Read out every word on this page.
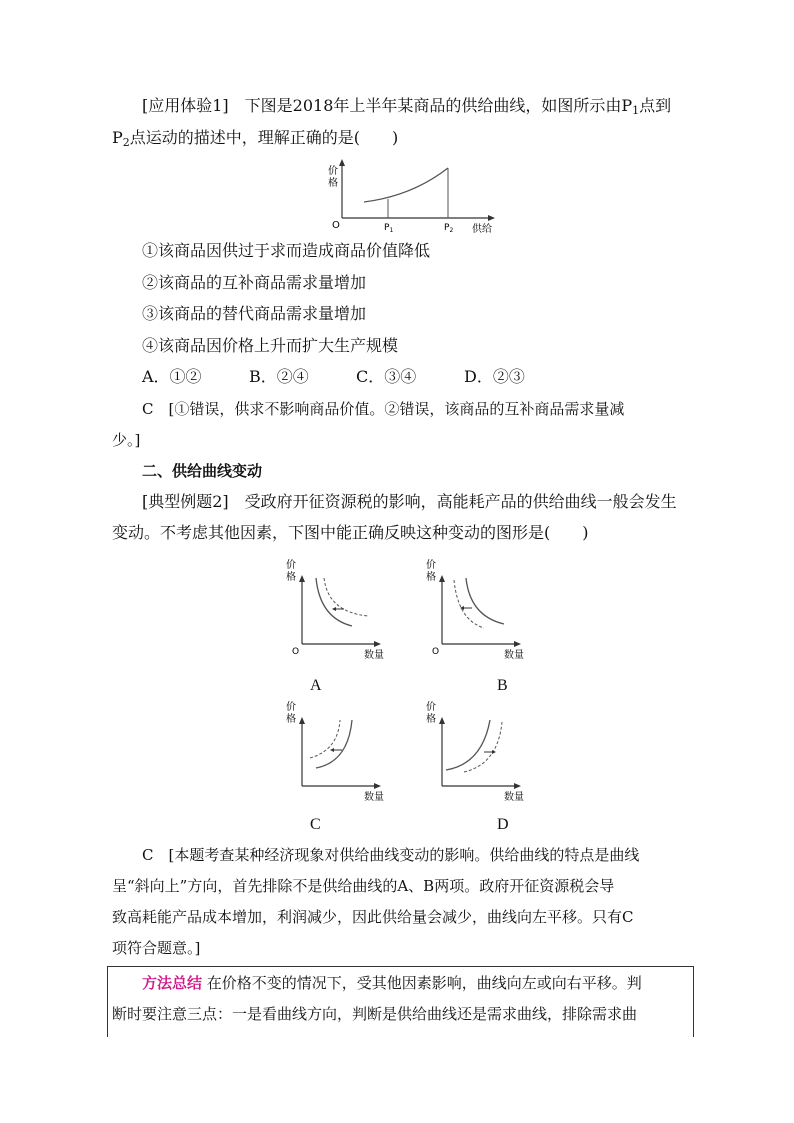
[应用体验1]　下图是2018年上半年某商品的供给曲线，如图所示由$P_1$点到
$P_2$点运动的描述中，理解正确的是(　　)
价
格
O	$P_1$	$P_2$ 供给
①该商品因供过于求而造成商品价值降低
②该商品的互补商品需求量增加
③该商品的替代商品需求量增加
④该商品因价格上升而扩大生产规模
A．①②	B．②④	C．③④	D．②③
C　[①错误，供求不影响商品价值。②错误，该商品的互补商品需求量减
少。]
二、供给曲线变动
[典型例题2]　受政府开征资源税的影响，高能耗产品的供给曲线一般会发生
变动。不考虑其他因素，下图中能正确反映这种变动的图形是(　　)
价
格
O	数量
A
价
格
O	数量
B
价
格
数量
C
价
格
数量
D
C　[本题考查某种经济现象对供给曲线变动的影响。供给曲线的特点是曲线
呈“斜向上”方向，首先排除不是供给曲线的A、B两项。政府开征资源税会导
致高耗能产品成本增加，利润减少，因此供给量会减少，曲线向左平移。只有C
项符合题意。]
方法总结 在价格不变的情况下，受其他因素影响，曲线向左或向右平移。判
断时要注意三点：一是看曲线方向，判断是供给曲线还是需求曲线，排除需求曲
